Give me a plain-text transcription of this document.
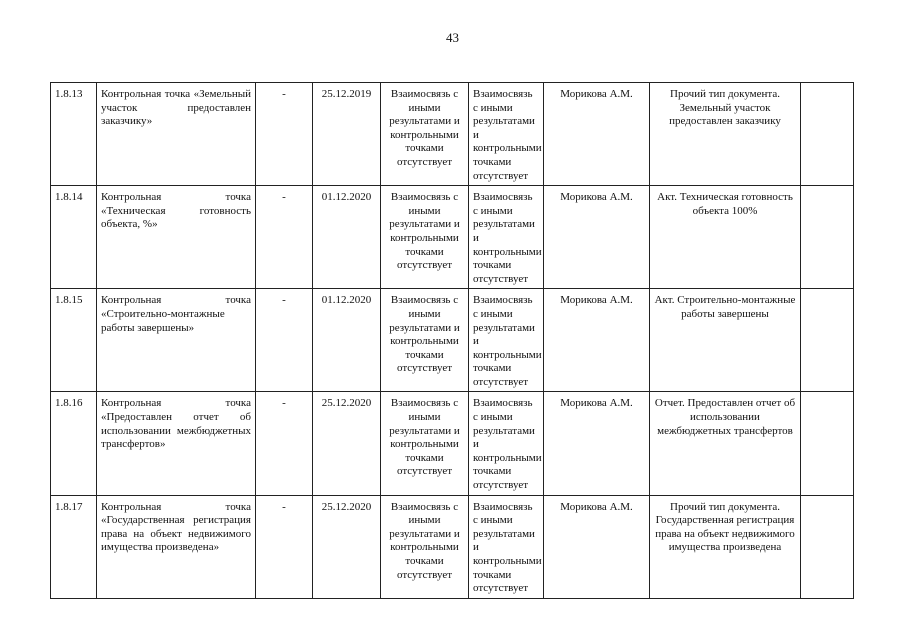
43
1.8.13	Контрольная точка «Земельный участок предоставлен заказчику»	-	25.12.2019	Взаимосвязь с иными результатами и контрольными точками отсутствует	Взаимосвязь с иными результатами и контрольными точками отсутствует	Морикова А.М.	Прочий тип документа. Земельный участок предоставлен заказчику	
1.8.14	Контрольная точка «Техническая готовность объекта, %»	-	01.12.2020	Взаимосвязь с иными результатами и контрольными точками отсутствует	Взаимосвязь с иными результатами и контрольными точками отсутствует	Морикова А.М.	Акт. Техническая готовность объекта 100%	
1.8.15	Контрольная точка «Строительно-монтажные работы завершены»	-	01.12.2020	Взаимосвязь с иными результатами и контрольными точками отсутствует	Взаимосвязь с иными результатами и контрольными точками отсутствует	Морикова А.М.	Акт. Строительно-монтажные работы завершены	
1.8.16	Контрольная точка «Предоставлен отчет об использовании межбюджетных трансфертов»	-	25.12.2020	Взаимосвязь с иными результатами и контрольными точками отсутствует	Взаимосвязь с иными результатами и контрольными точками отсутствует	Морикова А.М.	Отчет. Предоставлен отчет об использовании межбюджетных трансфертов	
1.8.17	Контрольная точка «Государственная регистрация права на объект недвижимого имущества произведена»	-	25.12.2020	Взаимосвязь с иными результатами и контрольными точками отсутствует	Взаимосвязь с иными результатами и контрольными точками отсутствует	Морикова А.М.	Прочий тип документа. Государственная регистрация права на объект недвижимого имущества произведена	
